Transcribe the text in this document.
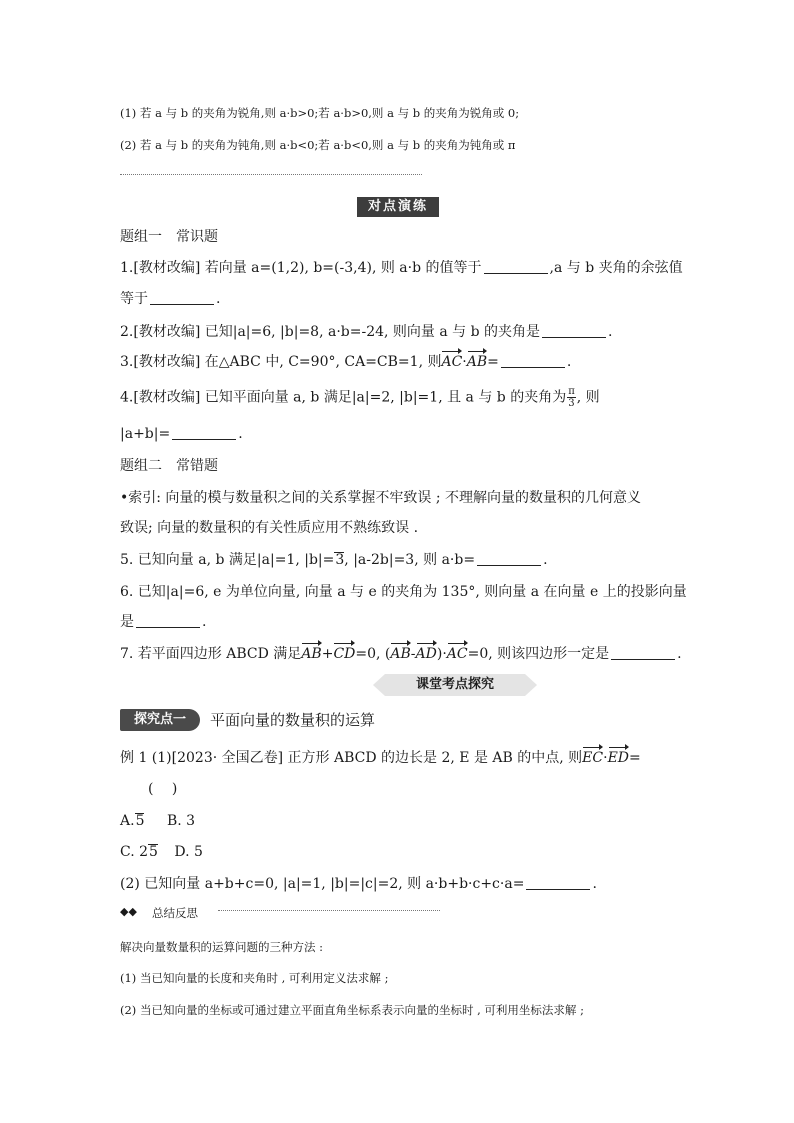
(1) 若 a 与 b 的夹角为锐角,则 a·b>0;若 a·b>0,则 a 与 b 的夹角为锐角或 0;
(2) 若 a 与 b 的夹角为钝角,则 a·b<0;若 a·b<0,则 a 与 b 的夹角为钝角或 π
对点演练
题组一　常识题
1.[教材改编] 若向量 a=(1,2), b=(-3,4), 则 a·b 的值等于	,a 与 b 夹角的余弦值
等于	.
2.[教材改编] 已知|a|=6, |b|=8, a·b=-24, 则向量 a 与 b 的夹角是	.
3.[教材改编] 在△ABC 中, C=90°, CA=CB=1, 则AC·AB=	.
4.[教材改编] 已知平面向量 a, b 满足|a|=2, |b|=1, 且 a 与 b 的夹角为 $\frac{\pi}{3}$ , 则
|a+b|=	.
题组二　常错题
•索引: 向量的模与数量积之间的关系掌握不牢致误 ; 不理解向量的数量积的几何意义
致误; 向量的数量积的有关性质应用不熟练致误 .
5. 已知向量 a, b 满足|a|=1, |b|=3, |a-2b|=3, 则 a·b=	.
6. 已知|a|=6, e 为单位向量, 向量 a 与 e 的夹角为 135°, 则向量 a 在向量 e 上的投影向量
是	.
7. 若平面四边形 ABCD 满足AB+CD=0, (AB-AD)·AC=0, 则该四边形一定是	.
课堂考点探究
探究点一	平面向量的数量积的运算
例 1 (1)[2023· 全国乙卷] 正方形 ABCD 的边长是 2, E 是 AB 的中点, 则EC·ED=
(　 )
A.5 B. 3
C. 25 D. 5
(2) 已知向量 a+b+c=0, |a|=1, |b|=|c|=2, 则 a·b+b·c+c·a=	.
◆◆ 总结反思
解决向量数量积的运算问题的三种方法 :
(1) 当已知向量的长度和夹角时 , 可利用定义法求解 ;
(2) 当已知向量的坐标或可通过建立平面直角坐标系表示向量的坐标时 , 可利用坐标法求解 ;
